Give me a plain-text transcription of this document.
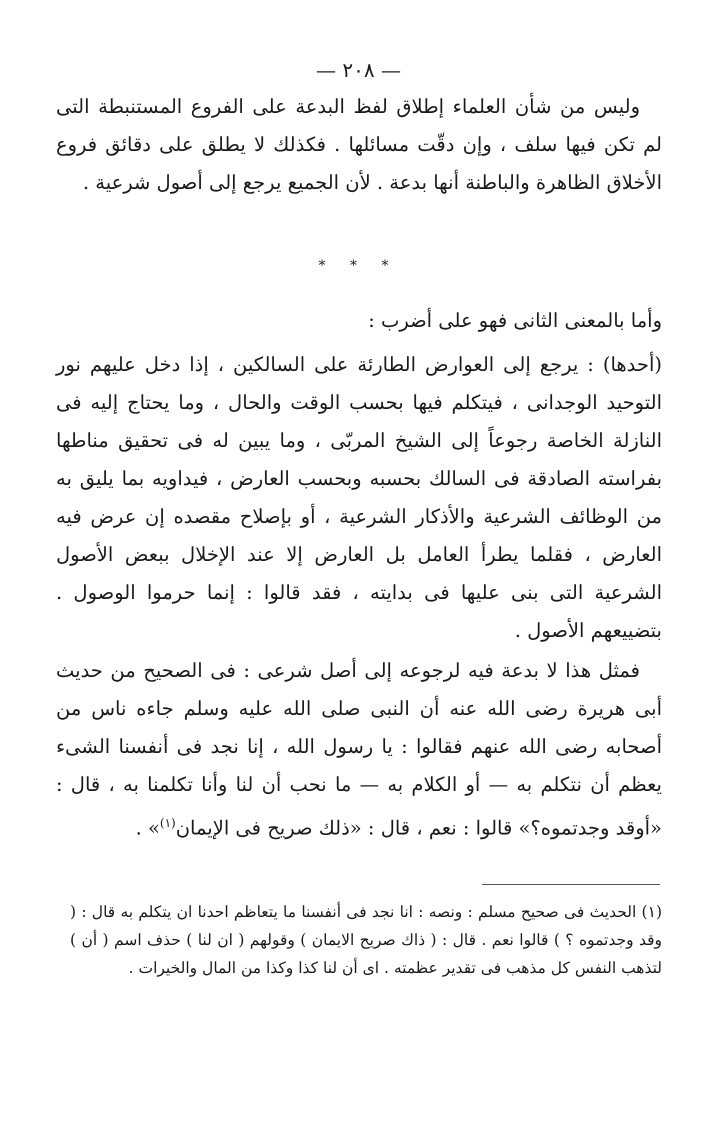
— ٢٠٨ —

وليس من شأن العلماء إطلاق لفظ البدعة على الفروع المستنبطة التى لم تكن فيها سلف ، وإن دقّت مسائلها . فكذلك لا يطلق على دقائق فروع الأخلاق الظاهرة والباطنة أنها بدعة . لأن الجميع يرجع إلى أصول شرعية .

* * *

وأما بالمعنى الثانى فهو على أضرب :

(أحدها) : يرجع إلى العوارض الطارئة على السالكين ، إذا دخل عليهم نور التوحيد الوجدانى ، فيتكلم فيها بحسب الوقت والحال ، وما يحتاج إليه فى النازلة الخاصة رجوعاً إلى الشيخ المربّى ، وما يبين له فى تحقيق مناطها بفراسته الصادقة فى السالك بحسبه وبحسب العارض ، فيداويه بما يليق به من الوظائف الشرعية والأذكار الشرعية ، أو بإصلاح مقصده إن عرض فيه العارض ، فقلما يطرأ العامل بل العارض إلا عند الإخلال ببعض الأصول الشرعية التى بنى عليها فى بدايته ، فقد قالوا : إنما حرموا الوصول . بتضييعهم الأصول .

فمثل هذا لا بدعة فيه لرجوعه إلى أصل شرعى : فى الصحيح من حديث أبى هريرة رضى الله عنه أن النبى صلى الله عليه وسلم جاءه ناس من أصحابه رضى الله عنهم فقالوا : يا رسول الله ، إنا نجد فى أنفسنا الشىء يعظم أن نتكلم به — أو الكلام به — ما نحب أن لنا وأنا تكلمنا به ، قال : «أوقد وجدتموه؟» قالوا : نعم ، قال : «ذلك صريح فى الإيمان$^{(١)}$» .

(١) الحديث فى صحيح مسلم : ونصه : انا نجد فى أنفسنا ما يتعاظم احدنا ان يتكلم به قال : ( وقد وجدتموه ؟ ) قالوا نعم . قال : ( ذاك صريح الايمان ) وقولهم ( ان لنا ) حذف اسم ( أن ) لتذهب النفس كل مذهب فى تقدير عظمته . اى أن لنا كذا وكذا من المال والخيرات .
